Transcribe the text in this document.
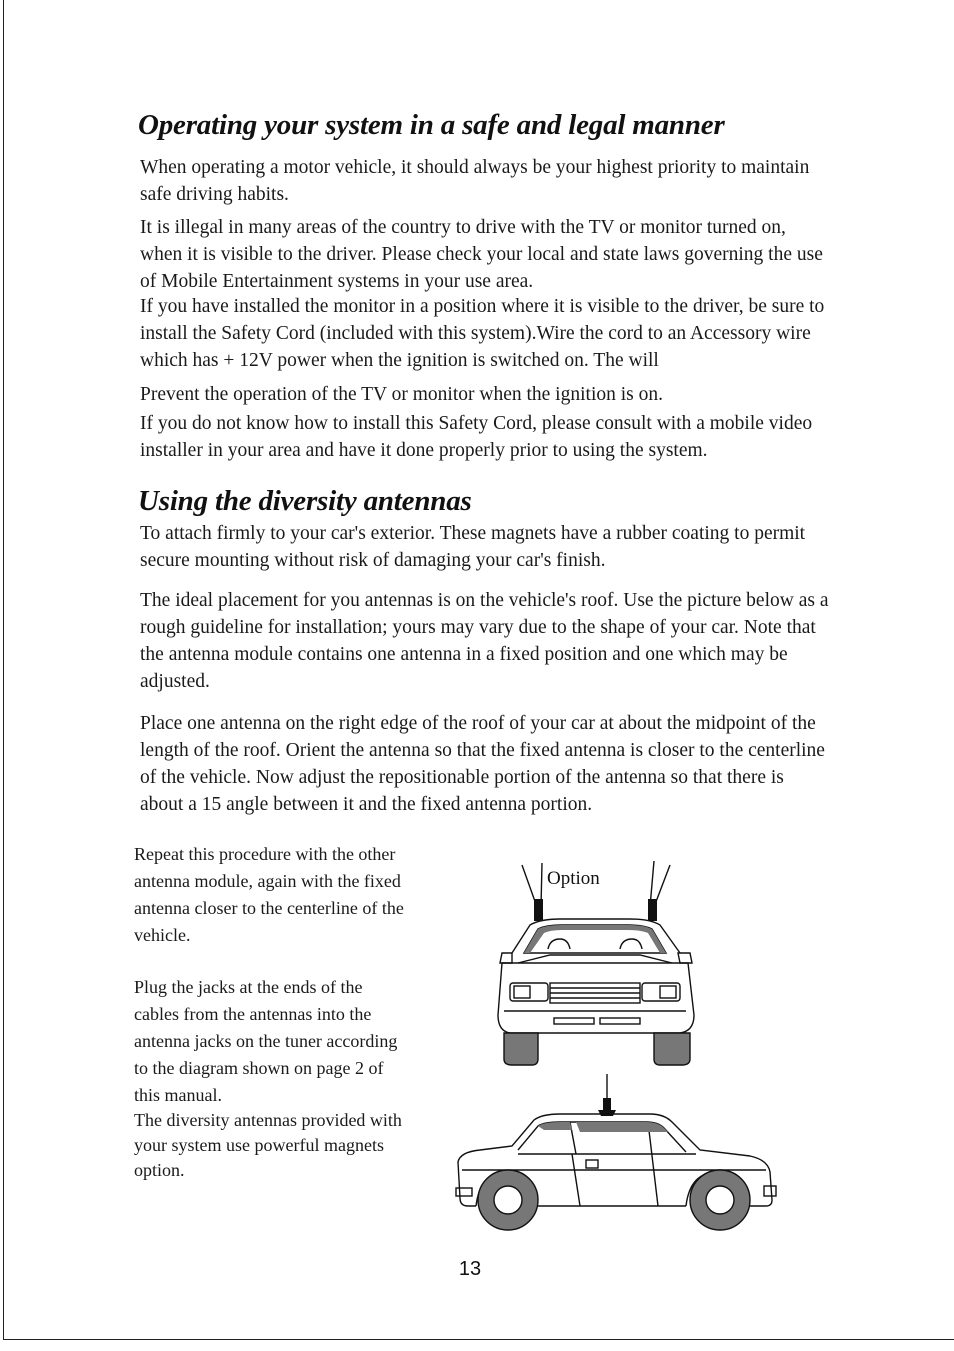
Operating your system in a safe and legal manner

When operating a motor vehicle, it should always be your highest priority to maintain safe driving habits.

It is illegal in many areas of the country to drive with the TV or monitor turned on, when it is visible to the driver. Please check your local and state laws governing the use of Mobile Entertainment systems in your use area.

If you have installed the monitor in a position where it is visible to the driver, be sure to install the Safety Cord (included with this system).Wire the cord to an Accessory wire which has + 12V power when the ignition is switched on. The will

Prevent the operation of the TV or monitor when the ignition is on.

If you do not know how to install this Safety Cord, please consult with a mobile video installer in your area and have it done properly prior to using the system.

Using the diversity antennas

To attach firmly to your car's exterior. These magnets have a rubber coating to permit secure mounting without risk of damaging your car's finish.

The ideal placement for you antennas is on the vehicle's roof. Use the picture below as a rough guideline for installation; yours may vary due to the shape of your car. Note that the antenna module contains one antenna in a fixed position and one which may be adjusted.

Place one antenna on the right edge of the roof of your car at about the midpoint of the length of the roof. Orient the antenna so that the fixed antenna is closer to the centerline of the vehicle. Now adjust the repositionable portion of the antenna so that there is about a 15 angle between it and the fixed antenna portion.

Repeat this procedure with the other antenna module, again with the fixed antenna closer to the centerline of the vehicle.

Plug the jacks at the ends of the cables from the antennas into the antenna jacks on the tuner according to the diagram shown on page 2 of this manual.

The diversity antennas provided with your system use powerful magnets option.

Option
13
